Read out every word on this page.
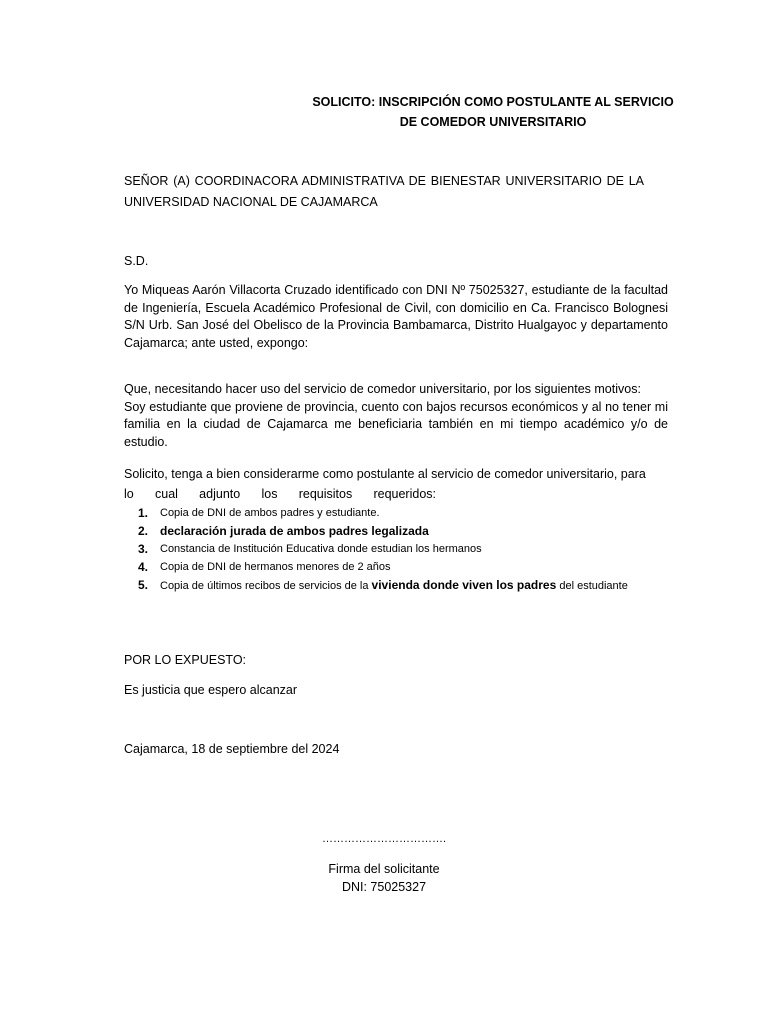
SOLICITO: INSCRIPCIÓN COMO POSTULANTE AL SERVICIO
DE COMEDOR UNIVERSITARIO
SEÑOR (A) COORDINACORA ADMINISTRATIVA DE BIENESTAR UNIVERSITARIO DE LA
UNIVERSIDAD NACIONAL DE CAJAMARCA
S.D.
Yo Miqueas Aarón Villacorta Cruzado identificado con DNI Nº 75025327, estudiante de la facultad de Ingeniería, Escuela Académico Profesional de Civil, con domicilio en Ca. Francisco Bolognesi S/N Urb. San José del Obelisco de la Provincia Bambamarca, Distrito Hualgayoc y departamento Cajamarca; ante usted, expongo:
Que, necesitando hacer uso del servicio de comedor universitario, por los siguientes motivos:
Soy estudiante que proviene de provincia, cuento con bajos recursos económicos y al no tener mi familia en la ciudad de Cajamarca me beneficiaria también en mi tiempo académico y/o de estudio.
Solicito, tenga a bien considerarme como postulante al servicio de comedor universitario, para
lo cual adjunto los requisitos requeridos:
1. Copia de DNI de ambos padres y estudiante.
2. declaración jurada de ambos padres legalizada
3. Constancia de Institución Educativa donde estudian los hermanos
4. Copia de DNI de hermanos menores de 2 años
5. Copia de últimos recibos de servicios de la vivienda donde viven los padres del estudiante
POR LO EXPUESTO:
Es justicia que espero alcanzar
Cajamarca, 18 de septiembre del 2024
…………………………….
Firma del solicitante
DNI: 75025327
